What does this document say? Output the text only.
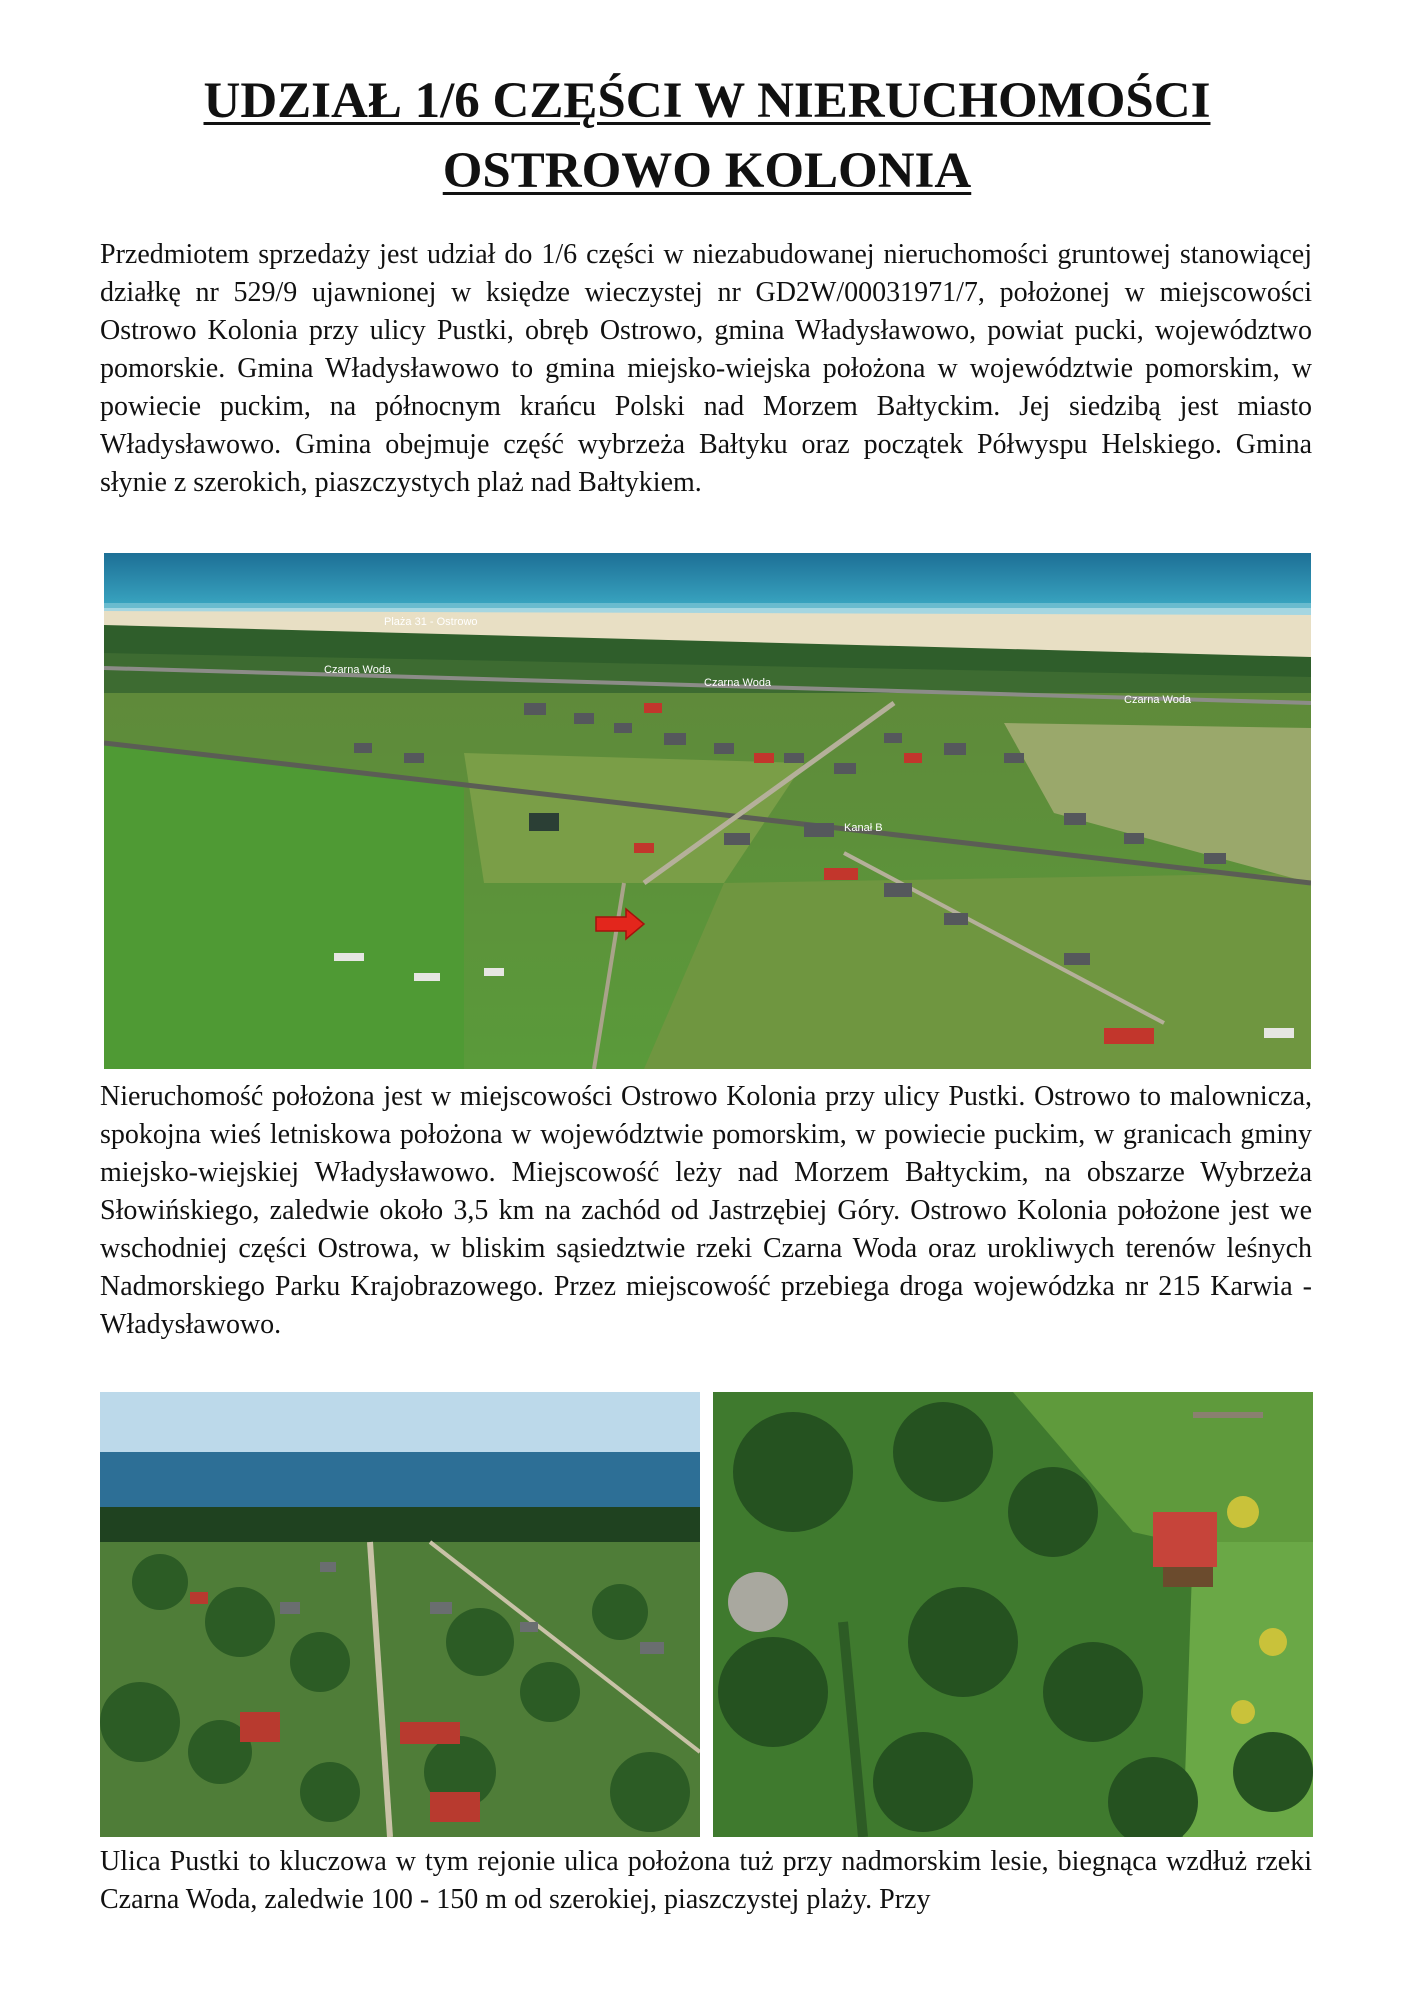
UDZIAŁ 1/6 CZĘŚCI W NIERUCHOMOŚCI
OSTROWO KOLONIA

Przedmiotem sprzedaży jest udział do 1/6 części w niezabudowanej nieruchomości gruntowej stanowiącej działkę nr 529/9 ujawnionej w księdze wieczystej nr GD2W/00031971/7, położonej w miejscowości Ostrowo Kolonia przy ulicy Pustki, obręb Ostrowo, gmina Władysławowo, powiat pucki, województwo pomorskie. Gmina Władysławowo to gmina miejsko-wiejska położona w województwie pomorskim, w powiecie puckim, na północnym krańcu Polski nad Morzem Bałtyckim. Jej siedzibą jest miasto Władysławowo. Gmina obejmuje część wybrzeża Bałtyku oraz początek Półwyspu Helskiego. Gmina słynie z szerokich, piaszczystych plaż nad Bałtykiem.

Plaża 31 - Ostrowo
Czarna Woda
Czarna Woda
Czarna Woda
Kanał B

Nieruchomość położona jest w miejscowości Ostrowo Kolonia przy ulicy Pustki. Ostrowo to malownicza, spokojna wieś letniskowa położona w województwie pomorskim, w powiecie puckim, w granicach gminy miejsko-wiejskiej Władysławowo. Miejscowość leży nad Morzem Bałtyckim, na obszarze Wybrzeża Słowińskiego, zaledwie około 3,5 km na zachód od Jastrzębiej Góry. Ostrowo Kolonia położone jest we wschodniej części Ostrowa, w bliskim sąsiedztwie rzeki Czarna Woda oraz urokliwych terenów leśnych Nadmorskiego Parku Krajobrazowego. Przez miejscowość przebiega droga wojewódzka nr 215 Karwia - Władysławowo.

Ulica Pustki to kluczowa w tym rejonie ulica położona tuż przy nadmorskim lesie, biegnąca wzdłuż rzeki Czarna Woda, zaledwie 100 - 150 m od szerokiej, piaszczystej plaży. Przy
